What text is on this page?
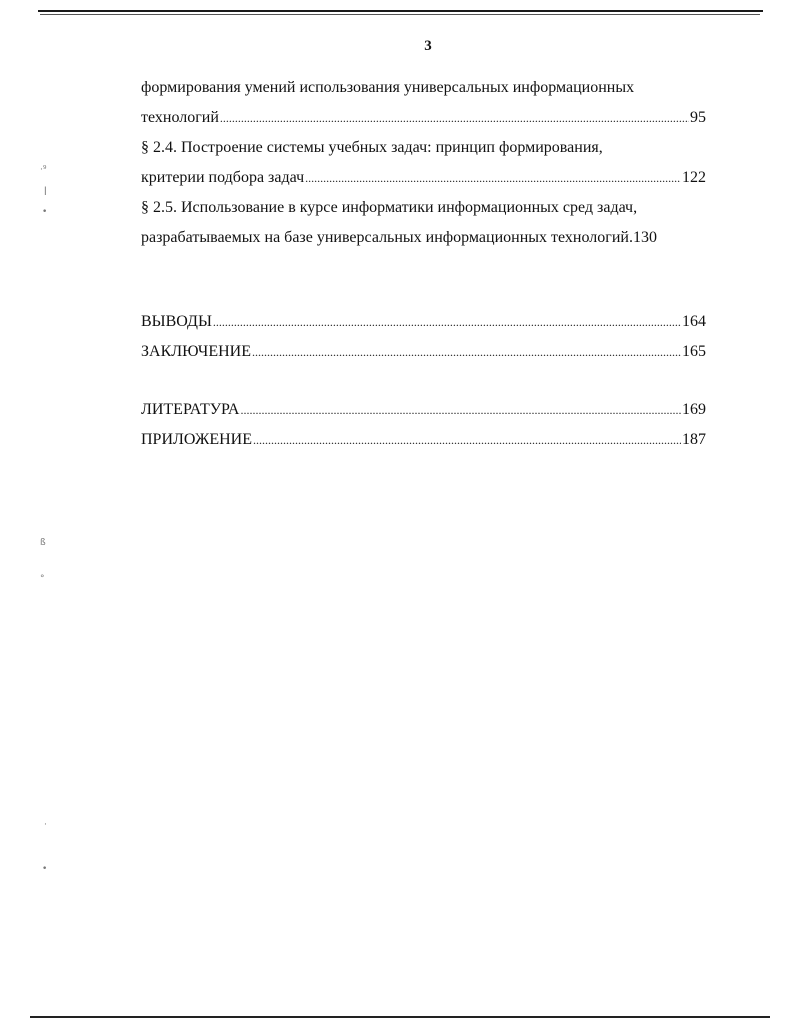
3
формирования умений использования универсальных информационных
технологий .....	95
§ 2.4. Построение системы учебных задач: принцип формирования,
критерии подбора задач .....	122
§ 2.5. Использование в курсе информатики информационных сред задач,
разрабатываемых на базе универсальных информационных технологий. 130
ВЫВОДЫ .....	164
ЗАКЛЮЧЕНИЕ .....	165
ЛИТЕРАТУРА .....	169
ПРИЛОЖЕНИЕ .....	187
·⁹
ǀ
•
ß
°
·
•
